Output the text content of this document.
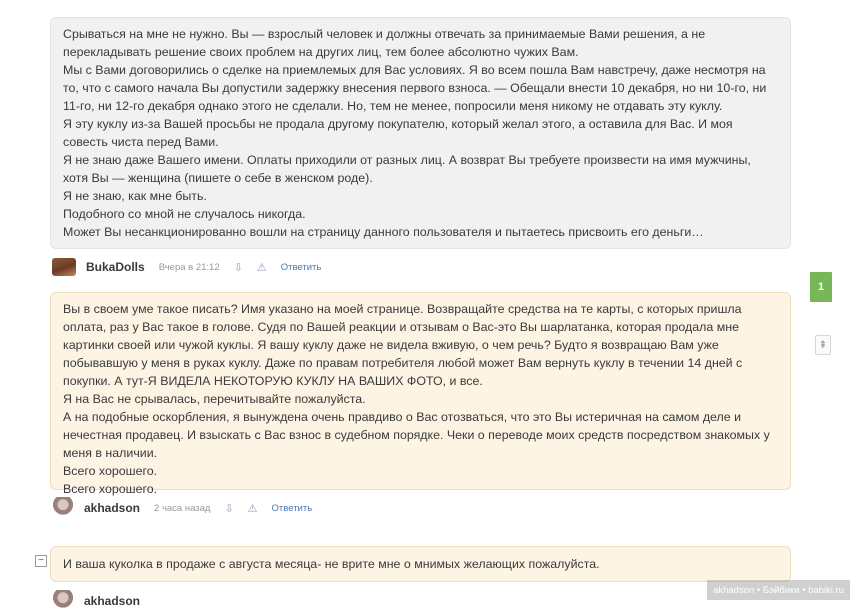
Срываться на мне не нужно. Вы — взрослый человек и должны отвечать за принимаемые Вами решения, а не перекладывать решение своих проблем на других лиц, тем более абсолютно чужих Вам.

Мы с Вами договорились о сделке на приемлемых для Вас условиях. Я во всем пошла Вам навстречу, даже несмотря на то, что с самого начала Вы допустили задержку внесения первого взноса. — Обещали внести 10 декабря, но ни 10-го, ни 11-го, ни 12-го декабря однако этого не сделали. Но, тем не менее, попросили меня никому не отдавать эту куклу.

Я эту куклу из-за Вашей просьбы не продала другому покупателю, который желал этого, а оставила для Вас. И моя совесть чиста перед Вами.

Я не знаю даже Вашего имени. Оплаты приходили от разных лиц. А возврат Вы требуете произвести на имя мужчины, хотя Вы — женщина (пишете о себе в женском роде).

Я не знаю, как мне быть.

Подобного со мной не случалось никогда.

Может Вы несанкционированно вошли на страницу данного пользователя и пытаетесь присвоить его деньги…

BukaDolls Вчера в 21:12 ⇩ ⚠ Ответить

Вы в своем уме такое писать? Имя указано на моей странице. Возвращайте средства на те карты, с которых пришла оплата, раз у Вас такое в голове. Судя по Вашей реакции и отзывам о Вас-это Вы шарлатанка, которая продала мне картинки своей или чужой куклы. Я вашу куклу даже не видела вживую, о чем речь? Будто я возвращаю Вам уже побывавшую у меня в руках куклу. Даже по правам потребителя любой может Вам вернуть куклу в течении 14 дней с покупки. А тут-Я ВИДЕЛА НЕКОТОРУЮ КУКЛУ НА ВАШИХ ФОТО, и все.

Я на Вас не срывалась, перечитывайте пожалуйста.

А на подобные оскорбления, я вынуждена очень правдиво о Вас отозваться, что это Вы истеричная на самом деле и нечестная продавец. И взыскать с Вас взнос в судебном порядке. Чеки о переводе моих средств посредством знакомых у меня в наличии.

Всего хорошего.

Всего хорошего.

akhadson 2 часа назад ⇩ ⚠ Ответить
− И ваша куколка в продаже с августа месяца- не врите мне о мнимых желающих пожалуйста.

akhadson
1
⇞
akhadson • Бэйбики • babiki.ru
